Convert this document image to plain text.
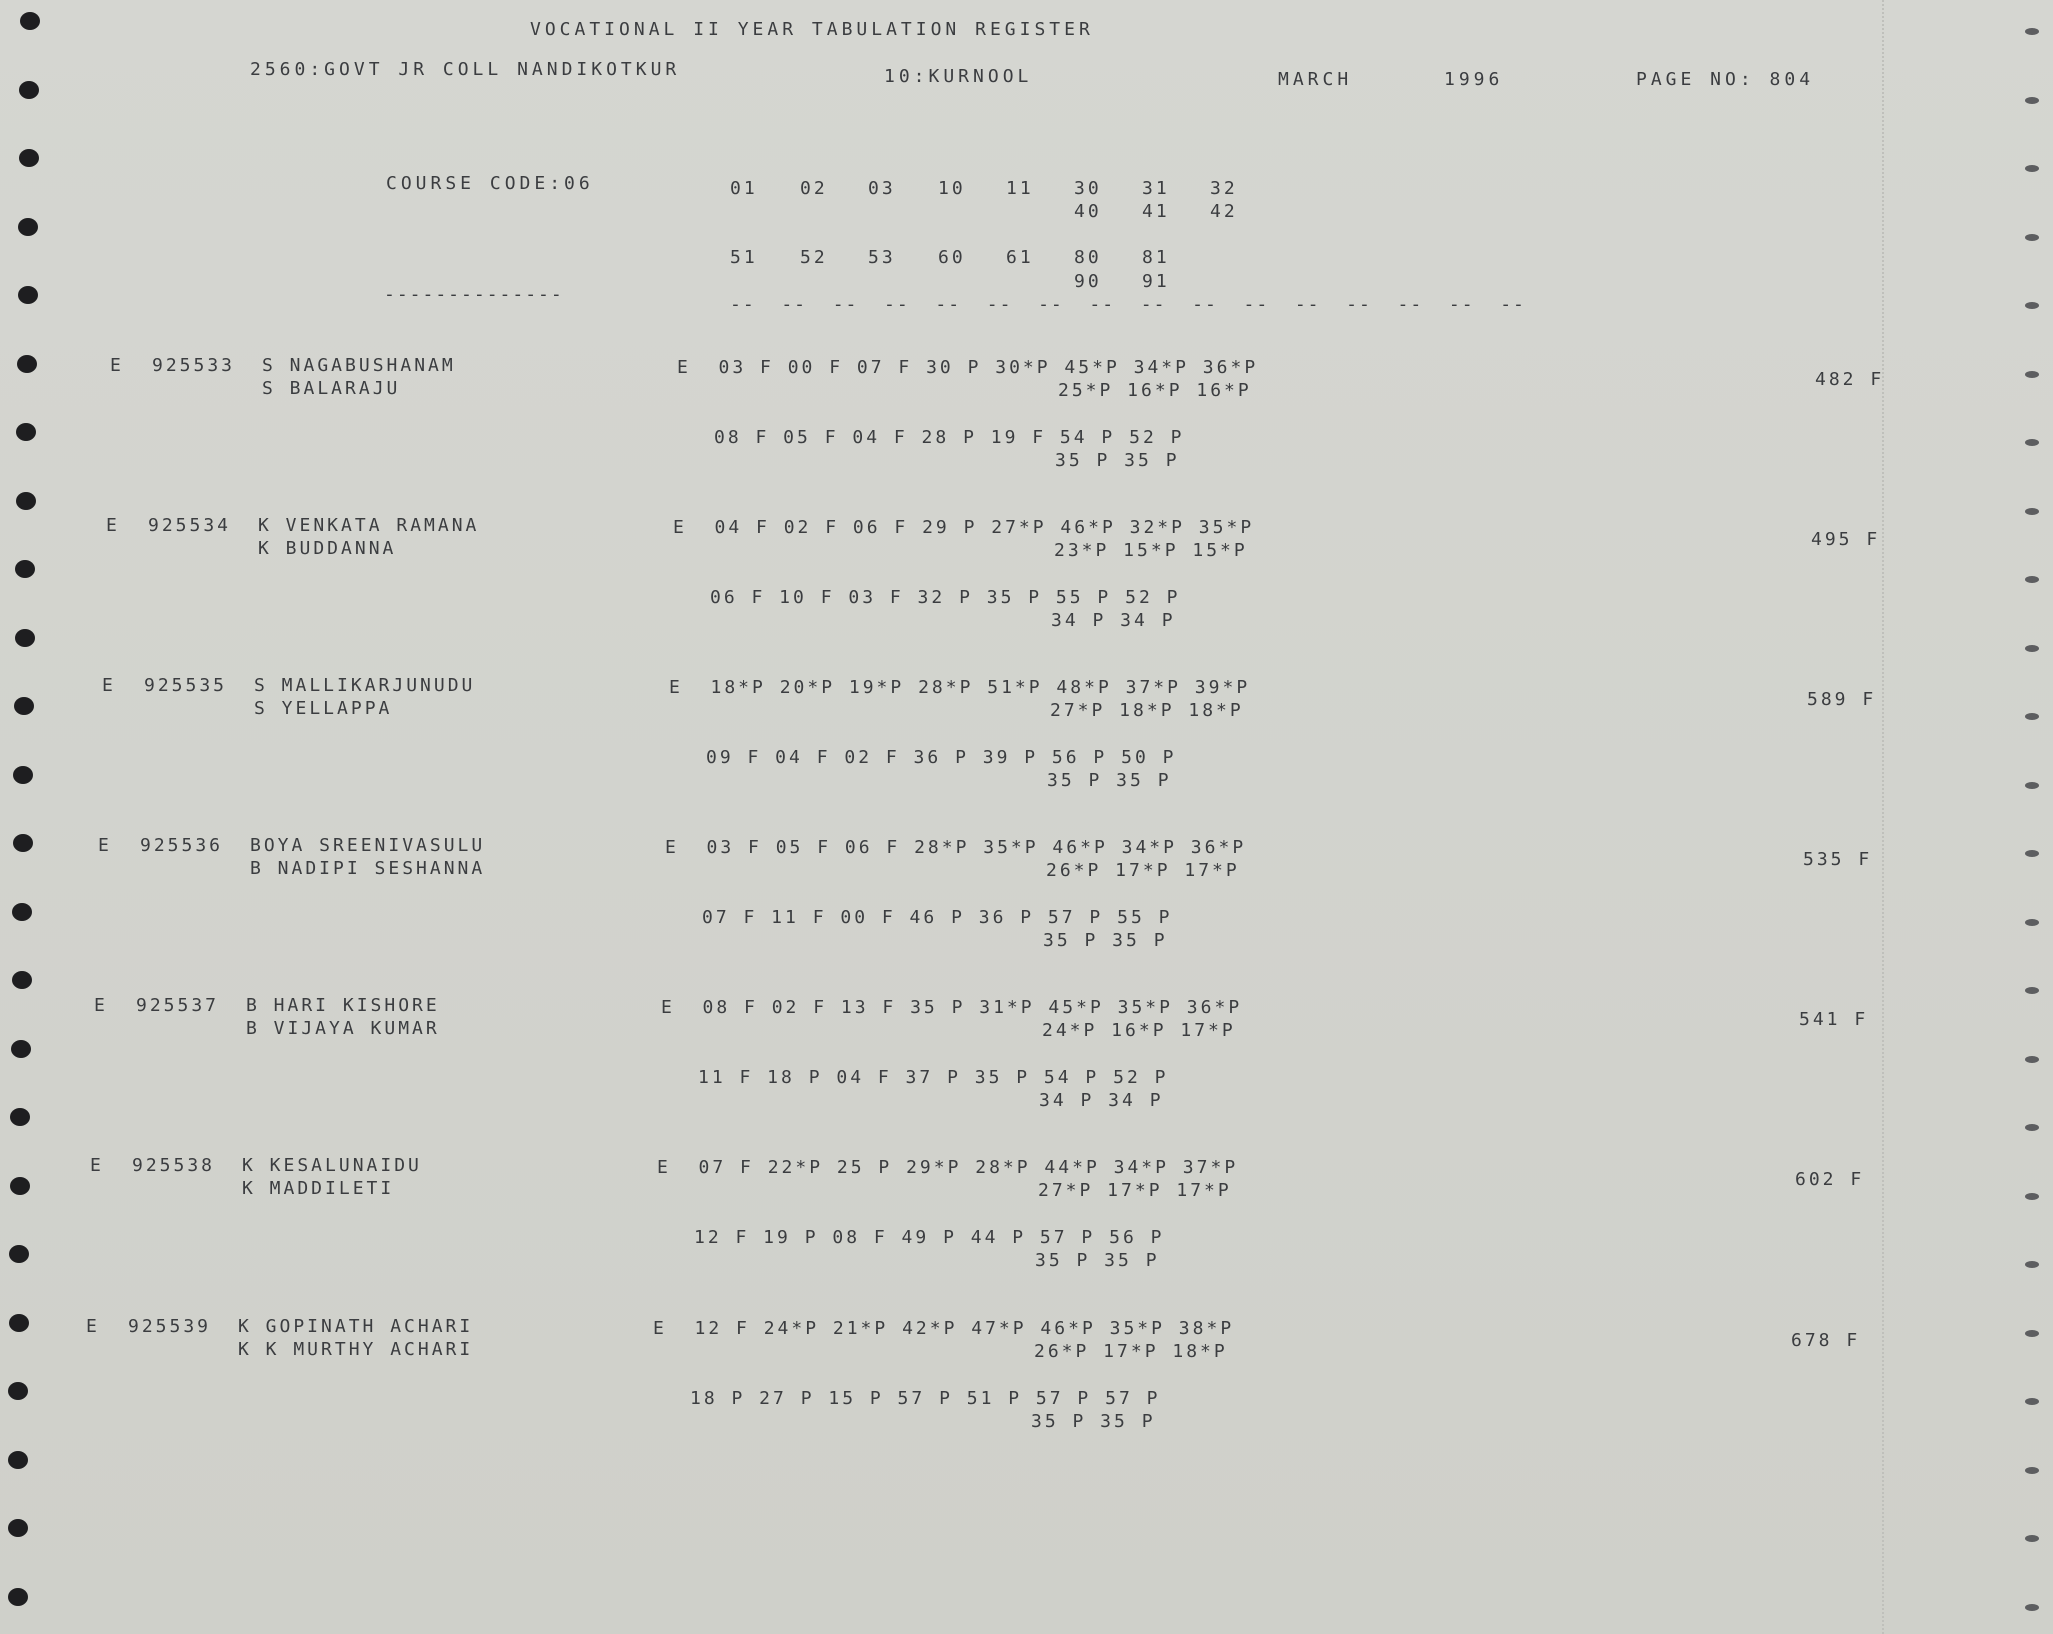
VOCATIONAL II YEAR TABULATION REGISTER
2560:GOVT JR COLL NANDIKOTKUR	10:KURNOOL	MARCH	1996	PAGE NO: 804
COURSE CODE:06	01 02 03 10 11 30 31 32
40 41 42
51 52 53 60 61 80 81
90 91
--------------	--  --  --  --  --  --  --  --  --  --  --  --  --  --  --  --
E 925533 S NAGABUSHANAM
S BALARAJU
E  03 F 00 F 07 F 30 P 30*P 45*P 34*P 36*P
25*P 16*P 16*P
08 F 05 F 04 F 28 P 19 F 54 P 52 P
35 P 35 P
482 F
E 925534 K VENKATA RAMANA
K BUDDANNA
E  04 F 02 F 06 F 29 P 27*P 46*P 32*P 35*P
23*P 15*P 15*P
06 F 10 F 03 F 32 P 35 P 55 P 52 P
34 P 34 P
495 F
E 925535 S MALLIKARJUNUDU
S YELLAPPA
E  18*P 20*P 19*P 28*P 51*P 48*P 37*P 39*P
27*P 18*P 18*P
09 F 04 F 02 F 36 P 39 P 56 P 50 P
35 P 35 P
589 F
E 925536 BOYA SREENIVASULU
B NADIPI SESHANNA
E  03 F 05 F 06 F 28*P 35*P 46*P 34*P 36*P
26*P 17*P 17*P
07 F 11 F 00 F 46 P 36 P 57 P 55 P
35 P 35 P
535 F
E 925537 B HARI KISHORE
B VIJAYA KUMAR
E  08 F 02 F 13 F 35 P 31*P 45*P 35*P 36*P
24*P 16*P 17*P
11 F 18 P 04 F 37 P 35 P 54 P 52 P
34 P 34 P
541 F
E 925538 K KESALUNAIDU
K MADDILETI
E  07 F 22*P 25 P 29*P 28*P 44*P 34*P 37*P
27*P 17*P 17*P
12 F 19 P 08 F 49 P 44 P 57 P 56 P
35 P 35 P
602 F
E 925539 K GOPINATH ACHARI
K K MURTHY ACHARI
E  12 F 24*P 21*P 42*P 47*P 46*P 35*P 38*P
26*P 17*P 18*P
18 P 27 P 15 P 57 P 51 P 57 P 57 P
35 P 35 P
678 F
